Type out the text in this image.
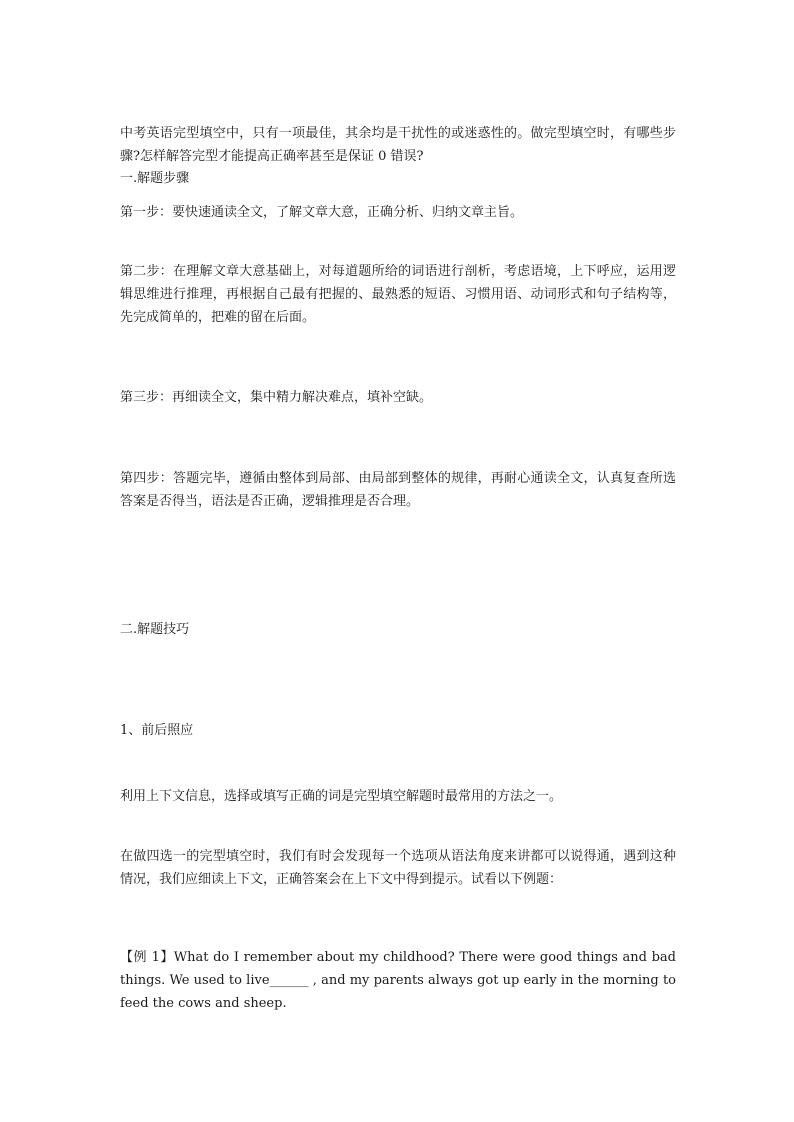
中考英语完型填空中，只有一项最佳，其余均是干扰性的或迷惑性的。做完型填空时，有哪些步骤?怎样解答完型才能提高正确率甚至是保证 0 错误?

一.解题步骤

第一步：要快速通读全文，了解文章大意，正确分析、归纳文章主旨。

第二步：在理解文章大意基础上，对每道题所给的词语进行剖析，考虑语境，上下呼应，运用逻辑思维进行推理，再根据自己最有把握的、最熟悉的短语、习惯用语、动词形式和句子结构等，先完成简单的，把难的留在后面。

第三步：再细读全文，集中精力解决难点，填补空缺。

第四步：答题完毕，遵循由整体到局部、由局部到整体的规律，再耐心通读全文，认真复查所选答案是否得当，语法是否正确，逻辑推理是否合理。

二.解题技巧

1、前后照应

利用上下文信息，选择或填写正确的词是完型填空解题时最常用的方法之一。

在做四选一的完型填空时，我们有时会发现每一个选项从语法角度来讲都可以说得通，遇到这种情况，我们应细读上下文，正确答案会在上下文中得到提示。试看以下例题：

【例 1】What do I remember about my childhood? There were good things and bad things. We used to live______ , and my parents always got up early in the morning to feed the cows and sheep.
